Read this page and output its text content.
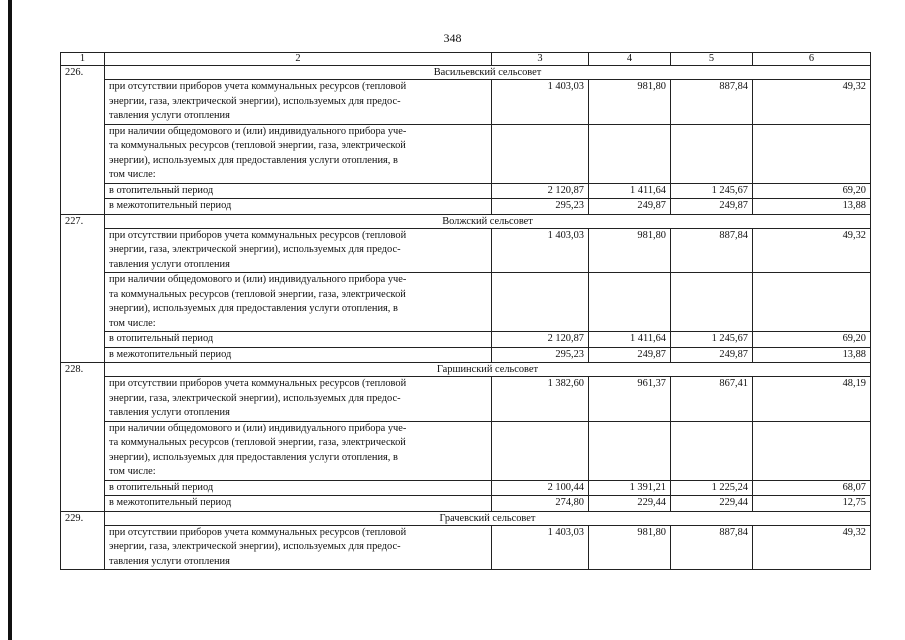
348
1	2	3	4	5	6
226.	Васильевский сельсовет				

	при отсутствии приборов учета коммунальных ресурсов (тепловой
энергии, газа, электрической энергии), используемых для предос-
тавления услуги отопления	1 403,03	981,80	887,84	49,32

	при наличии общедомового и (или) индивидуального прибора уче-
та коммунальных ресурсов (тепловой энергии, газа, электрической
энергии), используемых для предоставления услуги отопления, в
том числе:				

	в отопительный период	2 120,87	1 411,64	1 245,67	69,20
	в межотопительный период	295,23	249,87	249,87	13,88
227.	Волжский сельсовет				

	при отсутствии приборов учета коммунальных ресурсов (тепловой
энергии, газа, электрической энергии), используемых для предос-
тавления услуги отопления	1 403,03	981,80	887,84	49,32

	при наличии общедомового и (или) индивидуального прибора уче-
та коммунальных ресурсов (тепловой энергии, газа, электрической
энергии), используемых для предоставления услуги отопления, в
том числе:				

	в отопительный период	2 120,87	1 411,64	1 245,67	69,20
	в межотопительный период	295,23	249,87	249,87	13,88
228.	Гаршинский сельсовет				

	при отсутствии приборов учета коммунальных ресурсов (тепловой
энергии, газа, электрической энергии), используемых для предос-
тавления услуги отопления	1 382,60	961,37	867,41	48,19

	при наличии общедомового и (или) индивидуального прибора уче-
та коммунальных ресурсов (тепловой энергии, газа, электрической
энергии), используемых для предоставления услуги отопления, в
том числе:				

	в отопительный период	2 100,44	1 391,21	1 225,24	68,07
	в межотопительный период	274,80	229,44	229,44	12,75
229.	Грачевский сельсовет				

	при отсутствии приборов учета коммунальных ресурсов (тепловой
энергии, газа, электрической энергии), используемых для предос-
тавления услуги отопления	1 403,03	981,80	887,84	49,32
